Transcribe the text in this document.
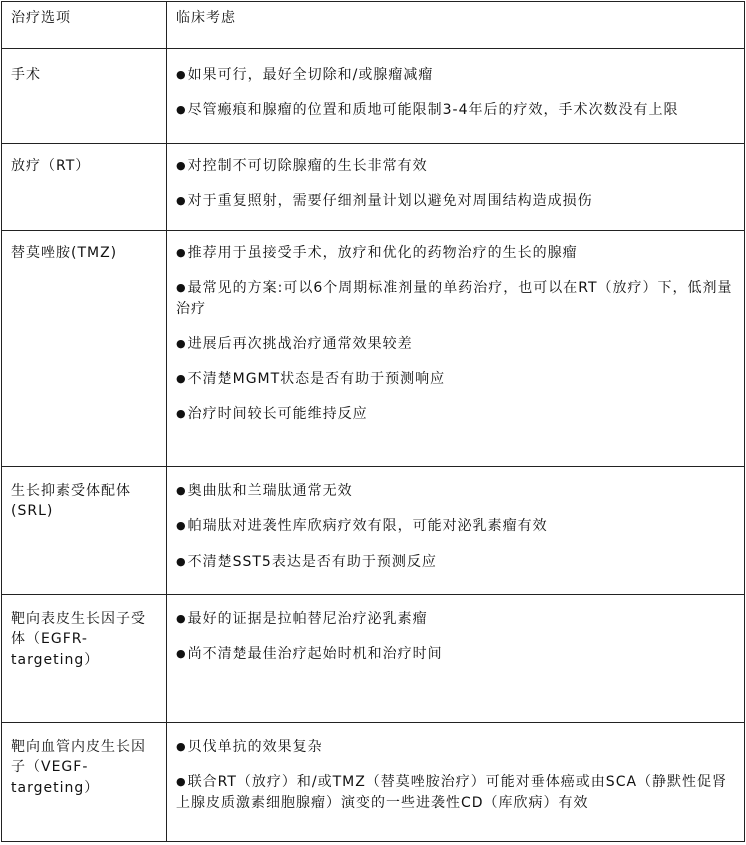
治疗选项	临床考虑
手术	● 如果可行，最好全切除和/或腺瘤减瘤
● 尽管瘢痕和腺瘤的位置和质地可能限制3-4年后的疗效，手术次数没有上限

放疗（RT）	● 对控制不可切除腺瘤的生长非常有效
● 对于重复照射，需要仔细剂量计划以避免对周围结构造成损伤

替莫唑胺(TMZ)	● 推荐用于虽接受手术，放疗和优化的药物治疗的生长的腺瘤
● 最常见的方案:可以6个周期标准剂量的单药治疗，也可以在RT（放疗）下，低剂量治疗
● 进展后再次挑战治疗通常效果较差
● 不清楚MGMT状态是否有助于预测响应
● 治疗时间较长可能维持反应

生长抑素受体配体(SRL)	● 奥曲肽和兰瑞肽通常无效
● 帕瑞肽对进袭性库欣病疗效有限，可能对泌乳素瘤有效
● 不清楚SST5表达是否有助于预测反应

靶向表皮生长因子受体（EGFR-targeting）	● 最好的证据是拉帕替尼治疗泌乳素瘤
● 尚不清楚最佳治疗起始时机和治疗时间

靶向血管内皮生长因子（VEGF-targeting）	● 贝伐单抗的效果复杂
● 联合RT（放疗）和/或TMZ（替莫唑胺治疗）可能对垂体癌或由SCA（静默性促肾上腺皮质激素细胞腺瘤）演变的一些进袭性CD（库欣病）有效
